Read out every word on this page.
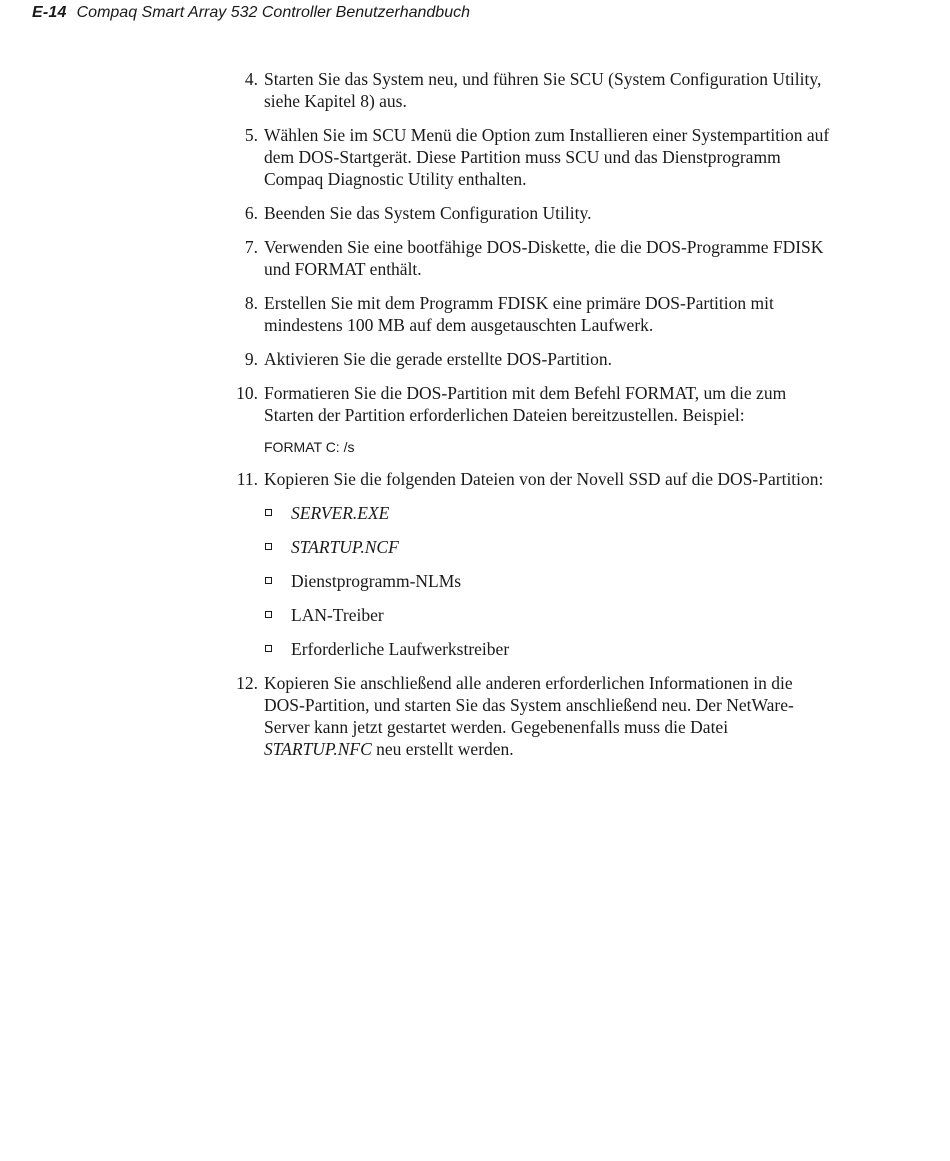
E-14 Compaq Smart Array 532 Controller Benutzerhandbuch
4. Starten Sie das System neu, und führen Sie SCU (System Configuration Utility, siehe Kapitel 8) aus.
5. Wählen Sie im SCU Menü die Option zum Installieren einer Systempartition auf dem DOS-Startgerät. Diese Partition muss SCU und das Dienstprogramm Compaq Diagnostic Utility enthalten.
6. Beenden Sie das System Configuration Utility.
7. Verwenden Sie eine bootfähige DOS-Diskette, die die DOS-Programme FDISK und FORMAT enthält.
8. Erstellen Sie mit dem Programm FDISK eine primäre DOS-Partition mit mindestens 100 MB auf dem ausgetauschten Laufwerk.
9. Aktivieren Sie die gerade erstellte DOS-Partition.
10. Formatieren Sie die DOS-Partition mit dem Befehl FORMAT, um die zum Starten der Partition erforderlichen Dateien bereitzustellen. Beispiel:
FORMAT C: /s
11. Kopieren Sie die folgenden Dateien von der Novell SSD auf die DOS-Partition:
SERVER.EXE
STARTUP.NCF
Dienstprogramm-NLMs
LAN-Treiber
Erforderliche Laufwerkstreiber
12. Kopieren Sie anschließend alle anderen erforderlichen Informationen in die DOS-Partition, und starten Sie das System anschließend neu. Der NetWare-Server kann jetzt gestartet werden. Gegebenenfalls muss die Datei STARTUP.NFC neu erstellt werden.
